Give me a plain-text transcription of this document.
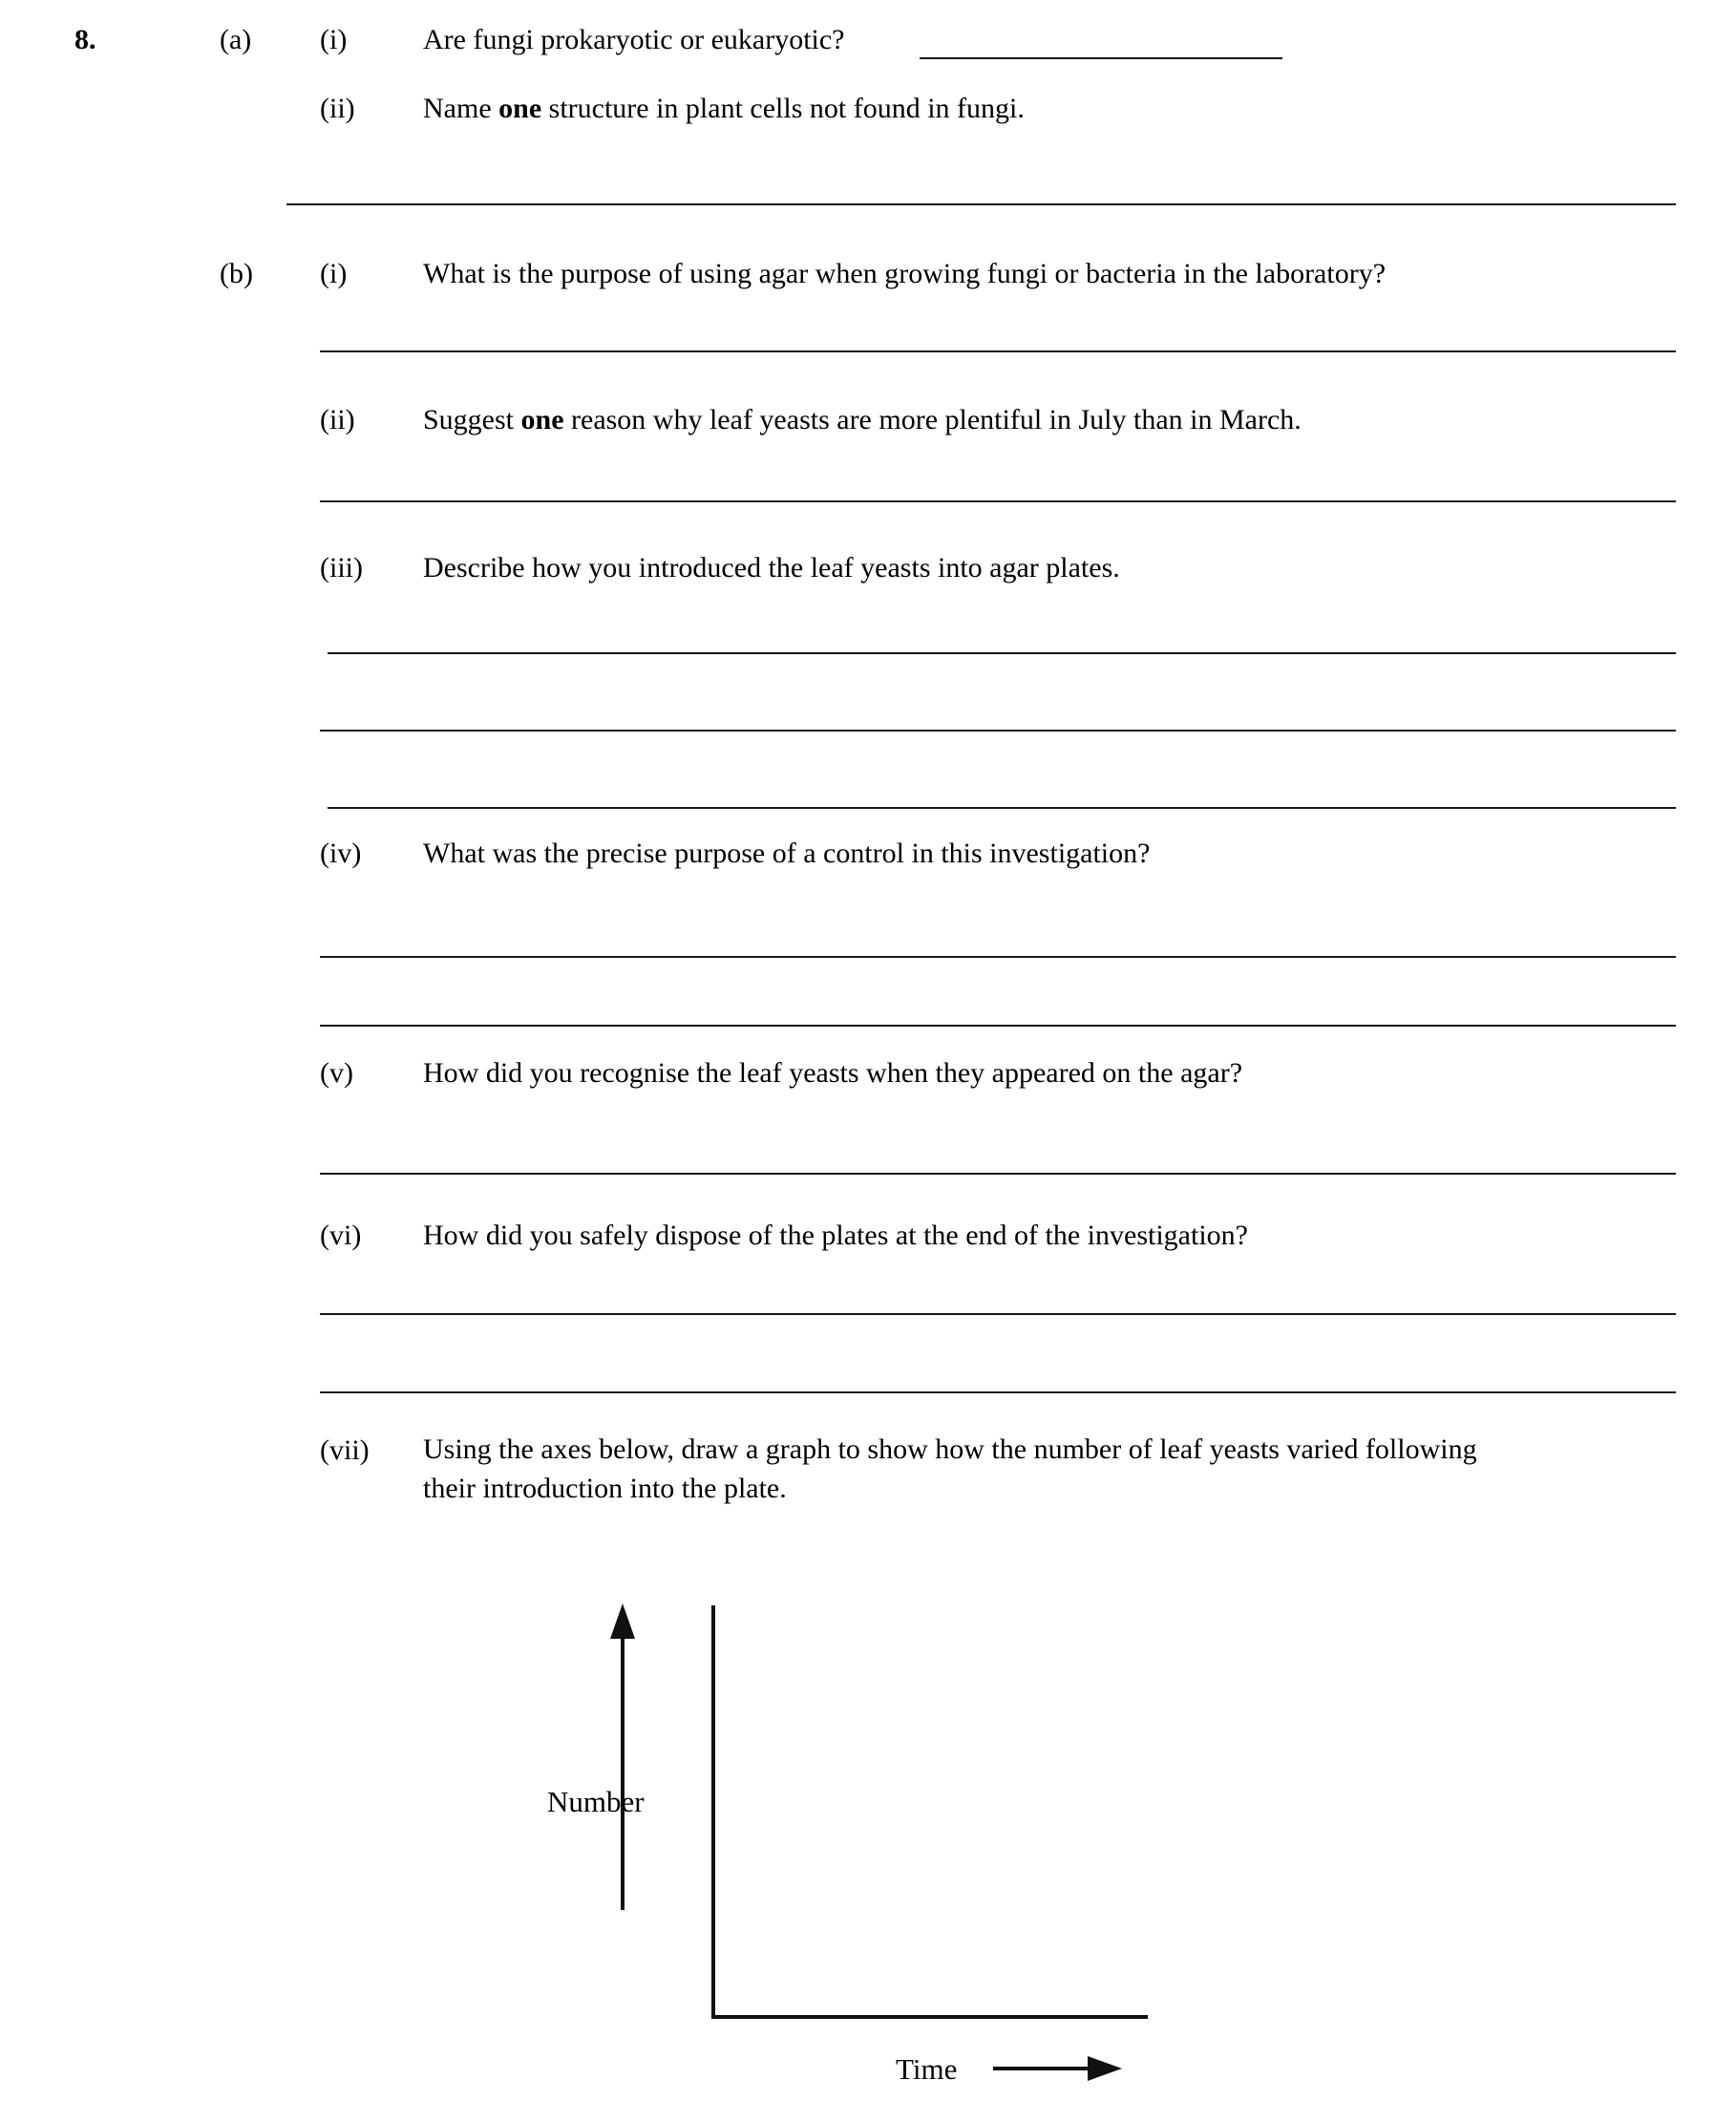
8.	(a) (i)	Are fungi prokaryotic or eukaryotic?
(ii) Name one structure in plant cells not found in fungi.
(b) (i)	What is the purpose of using agar when growing fungi or bacteria in the laboratory?
(ii) Suggest one reason why leaf yeasts are more plentiful in July than in March.
(iii) Describe how you introduced the leaf yeasts into agar plates.
(iv) What was the precise purpose of a control in this investigation?
(v) How did you recognise the leaf yeasts when they appeared on the agar?
(vi) How did you safely dispose of the plates at the end of the investigation?
(vii) Using the axes below, draw a graph to show how the number of leaf yeasts varied following their introduction into the plate.
Number
Time
